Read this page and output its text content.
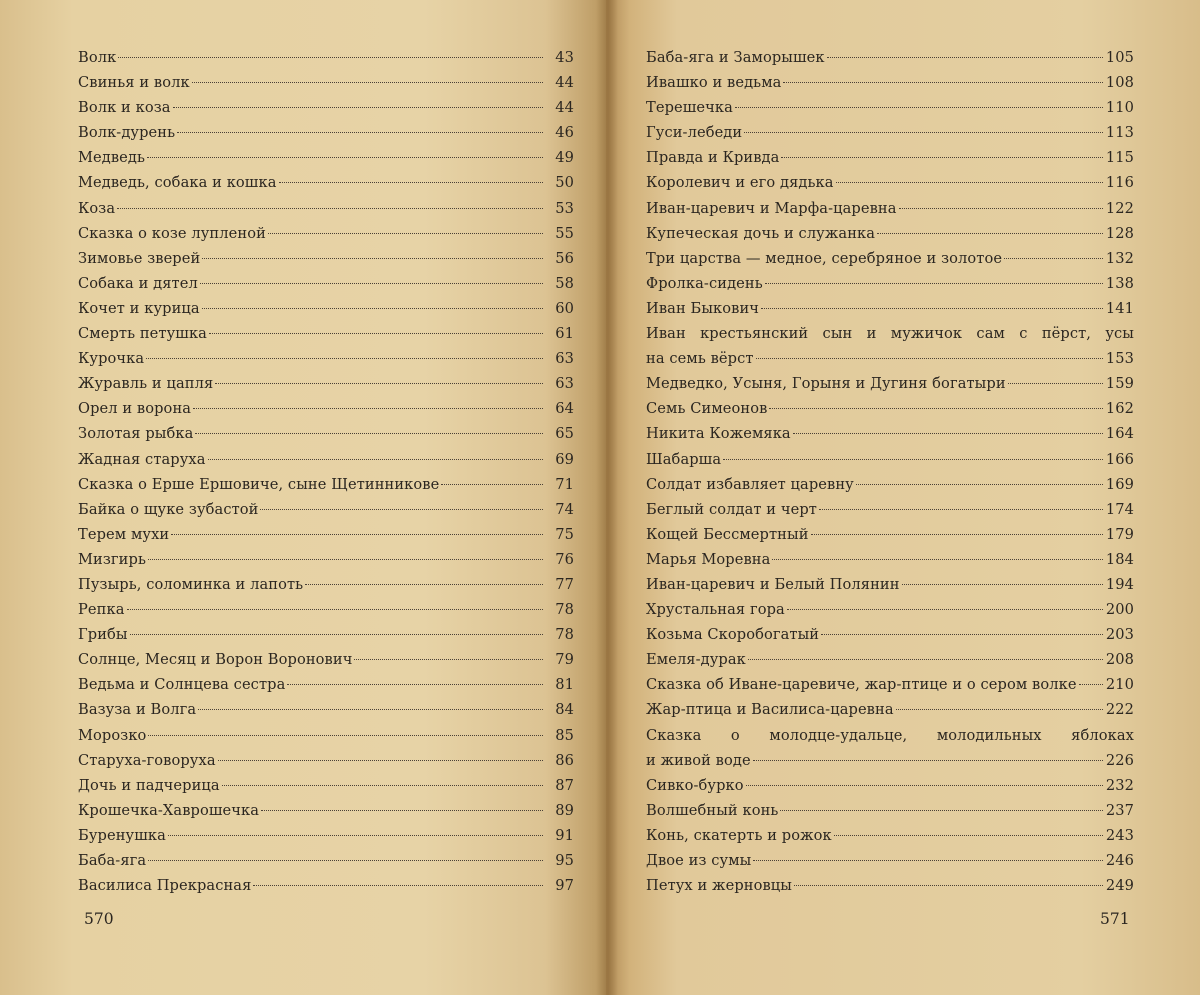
Волк	43
Свинья и волк	44
Волк и коза	44
Волк-дурень	46
Медведь	49
Медведь, собака и кошка	50
Коза	53
Сказка о козе лупленой	55
Зимовье зверей	56
Собака и дятел	58
Кочет и курица	60
Смерть петушка	61
Курочка	63
Журавль и цапля	63
Орел и ворона	64
Золотая рыбка	65
Жадная старуха	69
Сказка о Ерше Ершовиче, сыне Щетинникове	71
Байка о щуке зубастой	74
Терем мухи	75
Мизгирь	76
Пузырь, соломинка и лапоть	77
Репка	78
Грибы	78
Солнце, Месяц и Ворон Воронович	79
Ведьма и Солнцева сестра	81
Вазуза и Волга	84
Морозко	85
Старуха-говоруха	86
Дочь и падчерица	87
Крошечка-Хаврошечка	89
Буренушка	91
Баба-яга	95
Василиса Прекрасная	97
570
Баба-яга и Заморышек	105
Ивашко и ведьма	108
Терешечка	110
Гуси-лебеди	113
Правда и Кривда	115
Королевич и его дядька	116
Иван-царевич и Марфа-царевна	122
Купеческая дочь и служанка	128
Три царства — медное, серебряное и золотое	132
Фролка-сидень	138
Иван Быкович	141
Иван крестьянский сын и мужичок сам с пёрст, усы
на семь вёрст	153
Медведко, Усыня, Горыня и Дугиня богатыри	159
Семь Симеонов	162
Никита Кожемяка	164
Шабарша	166
Солдат избавляет царевну	169
Беглый солдат и черт	174
Кощей Бессмертный	179
Марья Моревна	184
Иван-царевич и Белый Полянин	194
Хрустальная гора	200
Козьма Скоробогатый	203
Емеля-дурак	208
Сказка об Иване-царевиче, жар-птице и о сером волке 210
Жар-птица и Василиса-царевна	222
Сказка о молодце-удальце, молодильных яблоках
и живой воде	226
Сивко-бурко	232
Волшебный конь	237
Конь, скатерть и рожок	243
Двое из сумы	246
Петух и жерновцы	249
571
